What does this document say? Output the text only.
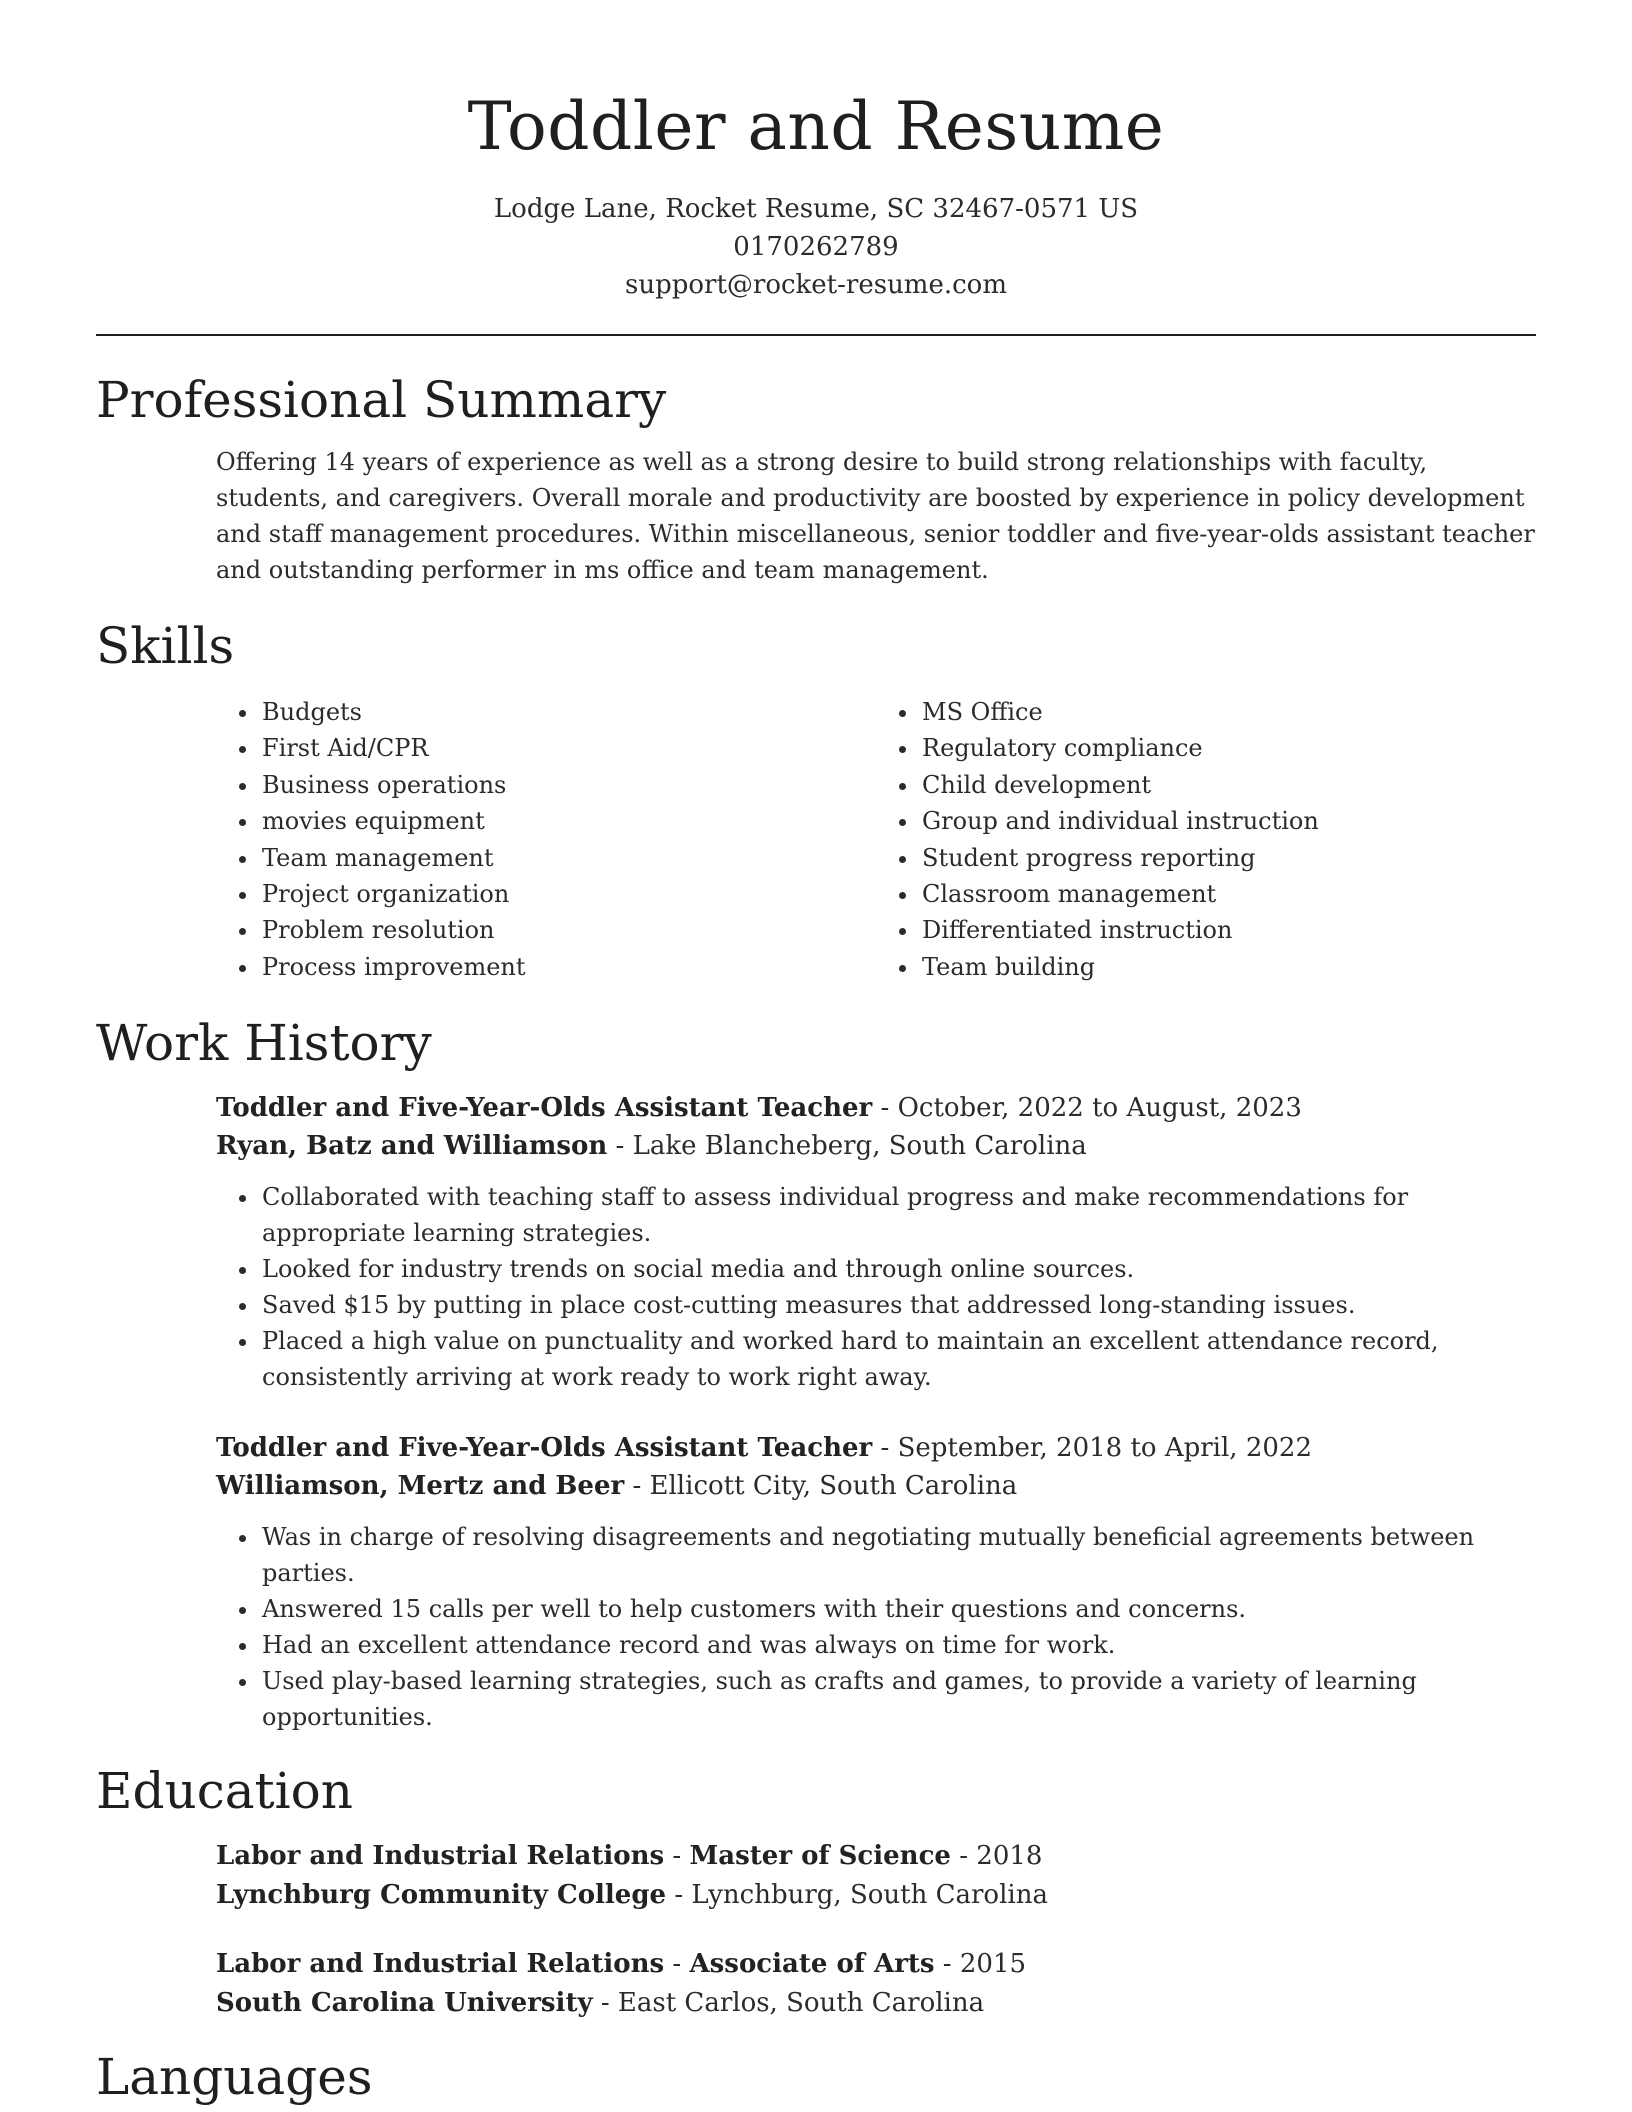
Toddler and Resume
Lodge Lane, Rocket Resume, SC 32467-0571 US
0170262789
support@rocket-resume.com
Professional Summary

Offering 14 years of experience as well as a strong desire to build strong relationships with faculty, students, and caregivers. Overall morale and productivity are boosted by experience in policy development and staff management procedures. Within miscellaneous, senior toddler and five-year-olds assistant teacher and outstanding performer in ms office and team management.

Skills
• Budgets
• First Aid/CPR
• Business operations
• movies equipment
• Team management
• Project organization
• Problem resolution
• Process improvement
• MS Office
• Regulatory compliance
• Child development
• Group and individual instruction
• Student progress reporting
• Classroom management
• Differentiated instruction
• Team building
Work History
Toddler and Five-Year-Olds Assistant Teacher - October, 2022 to August, 2023
Ryan, Batz and Williamson - Lake Blancheberg, South Carolina
• Collaborated with teaching staff to assess individual progress and make recommendations for appropriate learning strategies.
• Looked for industry trends on social media and through online sources.
• Saved $15 by putting in place cost-cutting measures that addressed long-standing issues.
• Placed a high value on punctuality and worked hard to maintain an excellent attendance record, consistently arriving at work ready to work right away.
Toddler and Five-Year-Olds Assistant Teacher - September, 2018 to April, 2022
Williamson, Mertz and Beer - Ellicott City, South Carolina
• Was in charge of resolving disagreements and negotiating mutually beneficial agreements between parties.
• Answered 15 calls per well to help customers with their questions and concerns.
• Had an excellent attendance record and was always on time for work.
• Used play-based learning strategies, such as crafts and games, to provide a variety of learning opportunities.
Education
Labor and Industrial Relations - Master of Science - 2018
Lynchburg Community College - Lynchburg, South Carolina
Labor and Industrial Relations - Associate of Arts - 2015
South Carolina University - East Carlos, South Carolina
Languages
